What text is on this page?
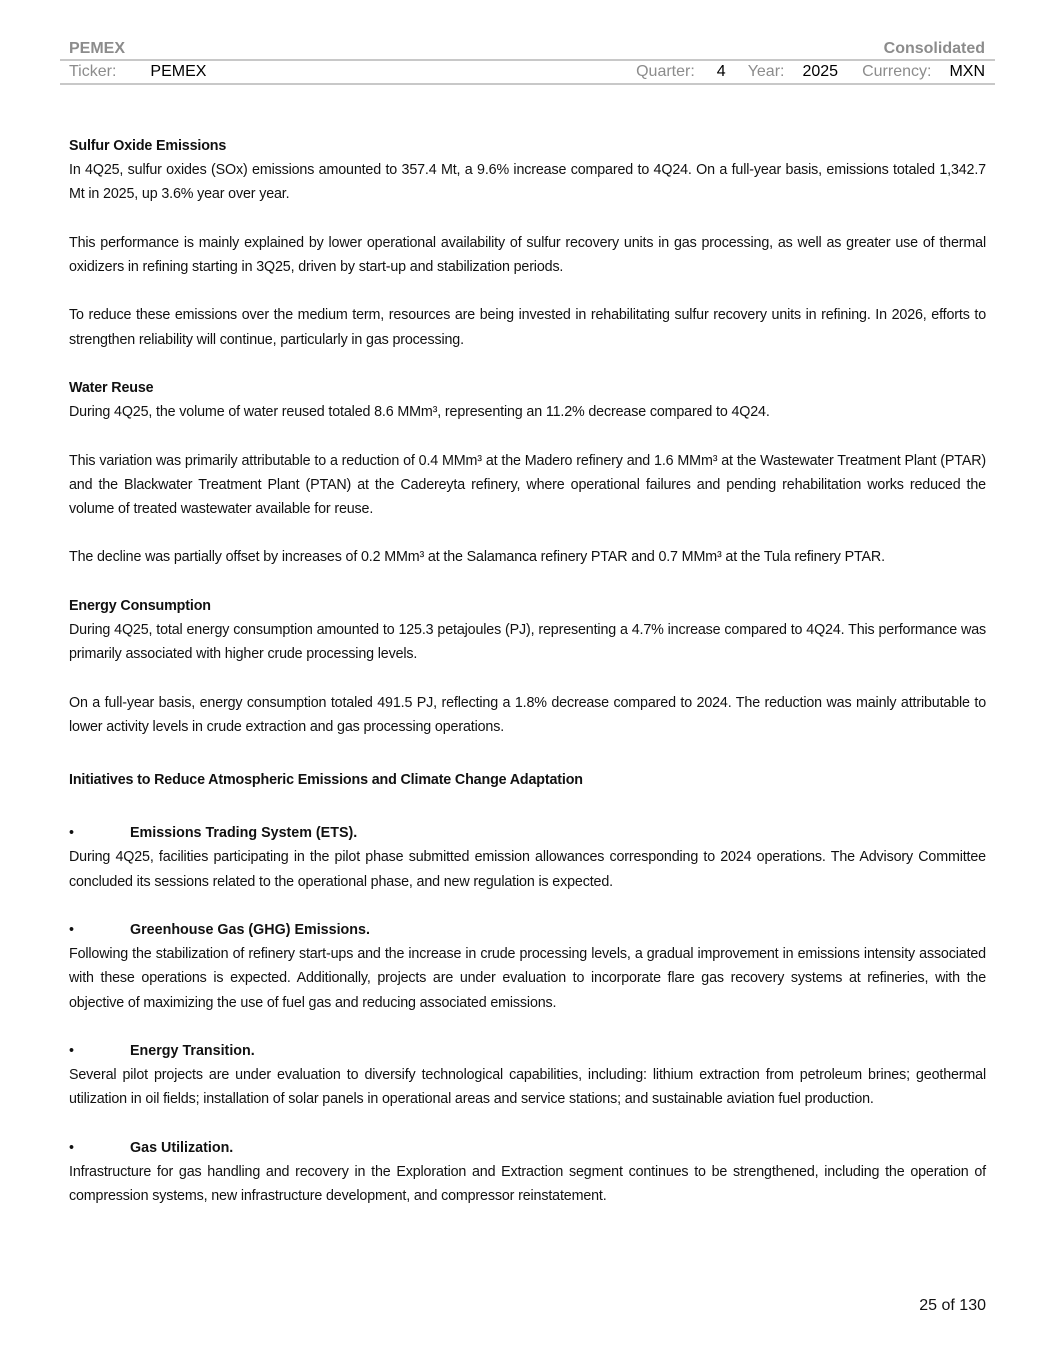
PEMEX	Consolidated
Ticker: PEMEX	Quarter: 4 Year: 2025 Currency: MXN

Sulfur Oxide Emissions

In 4Q25, sulfur oxides (SOx) emissions amounted to 357.4 Mt, a 9.6% increase compared to 4Q24. On a full-year basis, emissions totaled 1,342.7 Mt in 2025, up 3.6% year over year.

This performance is mainly explained by lower operational availability of sulfur recovery units in gas processing, as well as greater use of thermal oxidizers in refining starting in 3Q25, driven by start-up and stabilization periods.

To reduce these emissions over the medium term, resources are being invested in rehabilitating sulfur recovery units in refining. In 2026, efforts to strengthen reliability will continue, particularly in gas processing.

Water Reuse

During 4Q25, the volume of water reused totaled 8.6 MMm³, representing an 11.2% decrease compared to 4Q24.

This variation was primarily attributable to a reduction of 0.4 MMm³ at the Madero refinery and 1.6 MMm³ at the Wastewater Treatment Plant (PTAR) and the Blackwater Treatment Plant (PTAN) at the Cadereyta refinery, where operational failures and pending rehabilitation works reduced the volume of treated wastewater available for reuse.

The decline was partially offset by increases of 0.2 MMm³ at the Salamanca refinery PTAR and 0.7 MMm³ at the Tula refinery PTAR.

Energy Consumption

During 4Q25, total energy consumption amounted to 125.3 petajoules (PJ), representing a 4.7% increase compared to 4Q24. This performance was primarily associated with higher crude processing levels.

On a full-year basis, energy consumption totaled 491.5 PJ, reflecting a 1.8% decrease compared to 2024. The reduction was mainly attributable to lower activity levels in crude extraction and gas processing operations.

Initiatives to Reduce Atmospheric Emissions and Climate Change Adaptation

•	Emissions Trading System (ETS).

During 4Q25, facilities participating in the pilot phase submitted emission allowances corresponding to 2024 operations. The Advisory Committee concluded its sessions related to the operational phase, and new regulation is expected.

•	Greenhouse Gas (GHG) Emissions.

Following the stabilization of refinery start-ups and the increase in crude processing levels, a gradual improvement in emissions intensity associated with these operations is expected. Additionally, projects are under evaluation to incorporate flare gas recovery systems at refineries, with the objective of maximizing the use of fuel gas and reducing associated emissions.

•	Energy Transition.

Several pilot projects are under evaluation to diversify technological capabilities, including: lithium extraction from petroleum brines; geothermal utilization in oil fields; installation of solar panels in operational areas and service stations; and sustainable aviation fuel production.

•	Gas Utilization.

Infrastructure for gas handling and recovery in the Exploration and Extraction segment continues to be strengthened, including the operation of compression systems, new infrastructure development, and compressor reinstatement.

25 of 130
